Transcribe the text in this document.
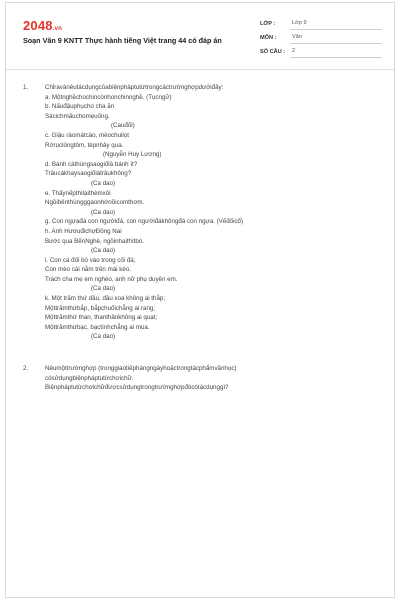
2048.vn
Soạn Văn 9 KNTT Thực hành tiếng Việt trang 44 có đáp án
LỚP :	Lớp 9
MÔN :	Văn
SỐ CÂU :	2
1.	Chỉravànêutácdụngcủabiệnpháptutừtrongcáctrườnghợpdướiđây:
a. Mộtnghềchochincònhonchinnghề. (Tụcngữ)
b. Nấuđậuphụcho cha ăn
Sácichmấuchomẹuống.
(Cauđối)
c. Giậu ràomátcào, mèochuilọt
Rớrụclòngtôm, tépnhảy qua.
(Nguyễn Huy Lượng)
d. Bánh cáthùngsaogiốlà bánh ít?
Trâucákhaysaogiốlàtrâukhông?
(Ca dao)
e. Thấynếpthìlạithèmxôi
Ngồibênthùngggaonhớnồicomthơm.
(Ca dao)
g. Con ngựađá con ngườiđá, con ngườiđákhôngđá con ngựa. (Vếđốicổ)
h. Anh HươuđichợĐồng Nai
Bước qua BếnNghé, ngồinhaithìtbò.
(Ca dao)
i. Con cá đối bỏ vào trong cối đá;
Con mèo cái nằm trên mái kèo.
Trách cha mẹ em nghèo, anh nỡ phụ duyên em.
(Ca dao)
k. Một trăm thứ dầu, dầu xoa không ai thắp;
Mộttrămthứbắp, bắpchuốichẳng ai rang;
Mộttrămthứ than, thanthânkhông ai quạt;
Mộttrămthứbạc, bạctìnhchẳng ai mua.
(Ca dao)
2.	Nêumộttrườnghợp (tronggiaotiếphàngngàyhoặctrongtácphẩmvănhọc)
cósửdụngbiệnpháptutừchơichữ.
Biệnpháptutừchơichữđượcsửdụngtrongtrườnghợpđócótácdụnggì?
